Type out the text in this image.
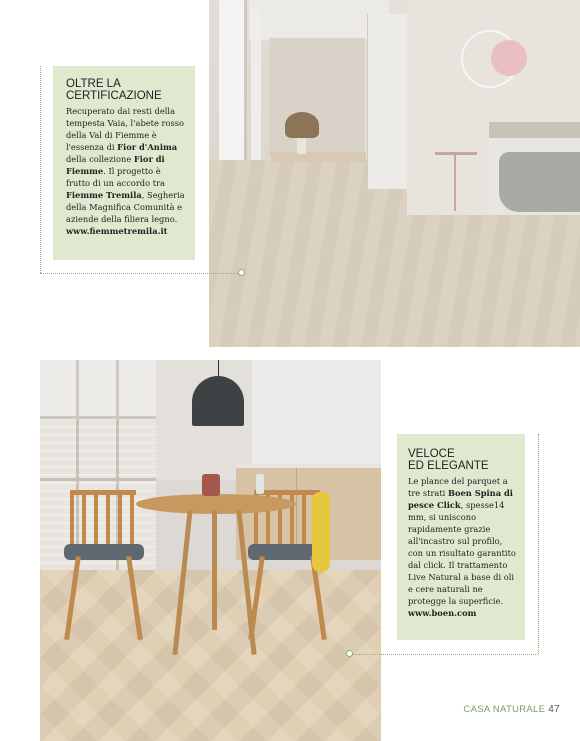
OLTRE LA
CERTIFICAZIONE

Recuperato dai resti della tempesta Vaia, l'abete rosso della Val di Fiemme è l'essenza di Fior d'Anima della collezione Fior di Fiemme. Il progetto è frutto di un accordo tra Fiemme Tremila, Segheria della Magnifica Comunità e aziende della filiera legno. www.fiemmetremila.it

VELOCE
ED ELEGANTE

Le plance del parquet a tre strati Boen Spina di pesce Click, spesse14 mm, si uniscono rapidamente grazie all'incastro sul profilo, con un risultato garantito dal click. Il trattamento Live Natural a base di oli e cere naturali ne protegge la superficie. www.boen.com

CASA NATURALE 47
